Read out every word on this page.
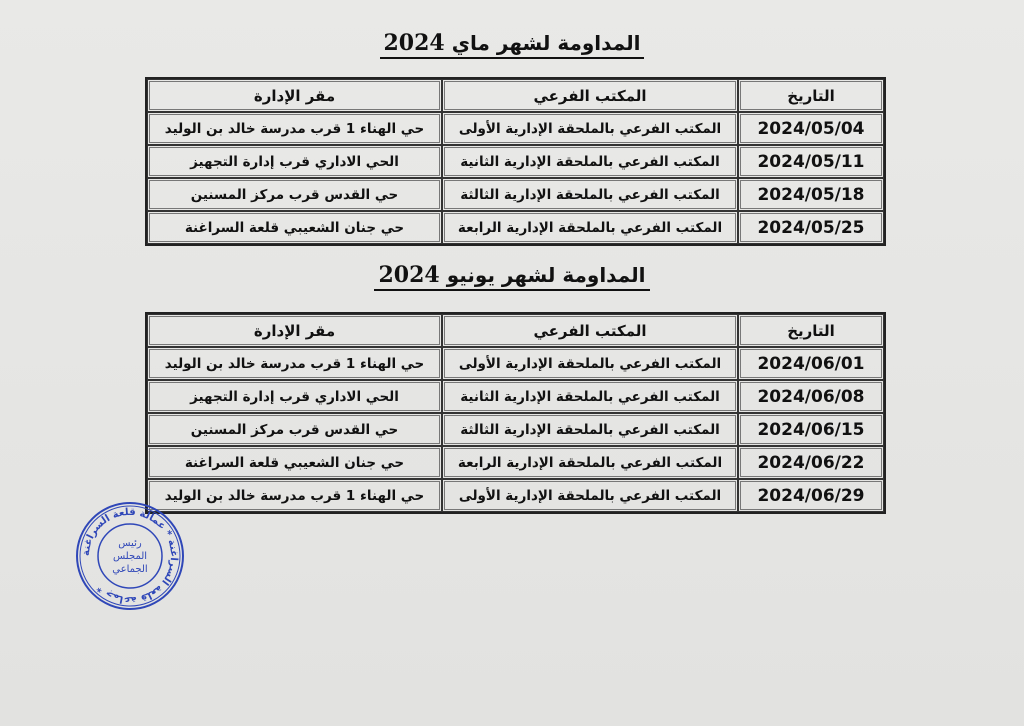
المداومة لشهر ماي 2024
التاريخ	المكتب الفرعي	مقر الإدارة
2024/05/04	المكتب الفرعي بالملحقة الإدارية الأولى	حي الهناء 1 قرب مدرسة خالد بن الوليد
2024/05/11	المكتب الفرعي بالملحقة الإدارية الثانية	الحي الاداري قرب إدارة التجهيز
2024/05/18	المكتب الفرعي بالملحقة الإدارية الثالثة	حي القدس قرب مركز المسنين
2024/05/25	المكتب الفرعي بالملحقة الإدارية الرابعة	حي جنان الشعيبي قلعة السراغنة
المداومة لشهر يونيو 2024
التاريخ	المكتب الفرعي	مقر الإدارة
2024/06/01	المكتب الفرعي بالملحقة الإدارية الأولى	حي الهناء 1 قرب مدرسة خالد بن الوليد
2024/06/08	المكتب الفرعي بالملحقة الإدارية الثانية	الحي الاداري قرب إدارة التجهيز
2024/06/15	المكتب الفرعي بالملحقة الإدارية الثالثة	حي القدس قرب مركز المسنين
2024/06/22	المكتب الفرعي بالملحقة الإدارية الرابعة	حي جنان الشعيبي قلعة السراغنة
2024/06/29	المكتب الفرعي بالملحقة الإدارية الأولى	حي الهناء 1 قرب مدرسة خالد بن الوليد
جماعة قلعة السراغنة * عمالة قلعة السراغنة *
رئيس
المجلس
الجماعي
